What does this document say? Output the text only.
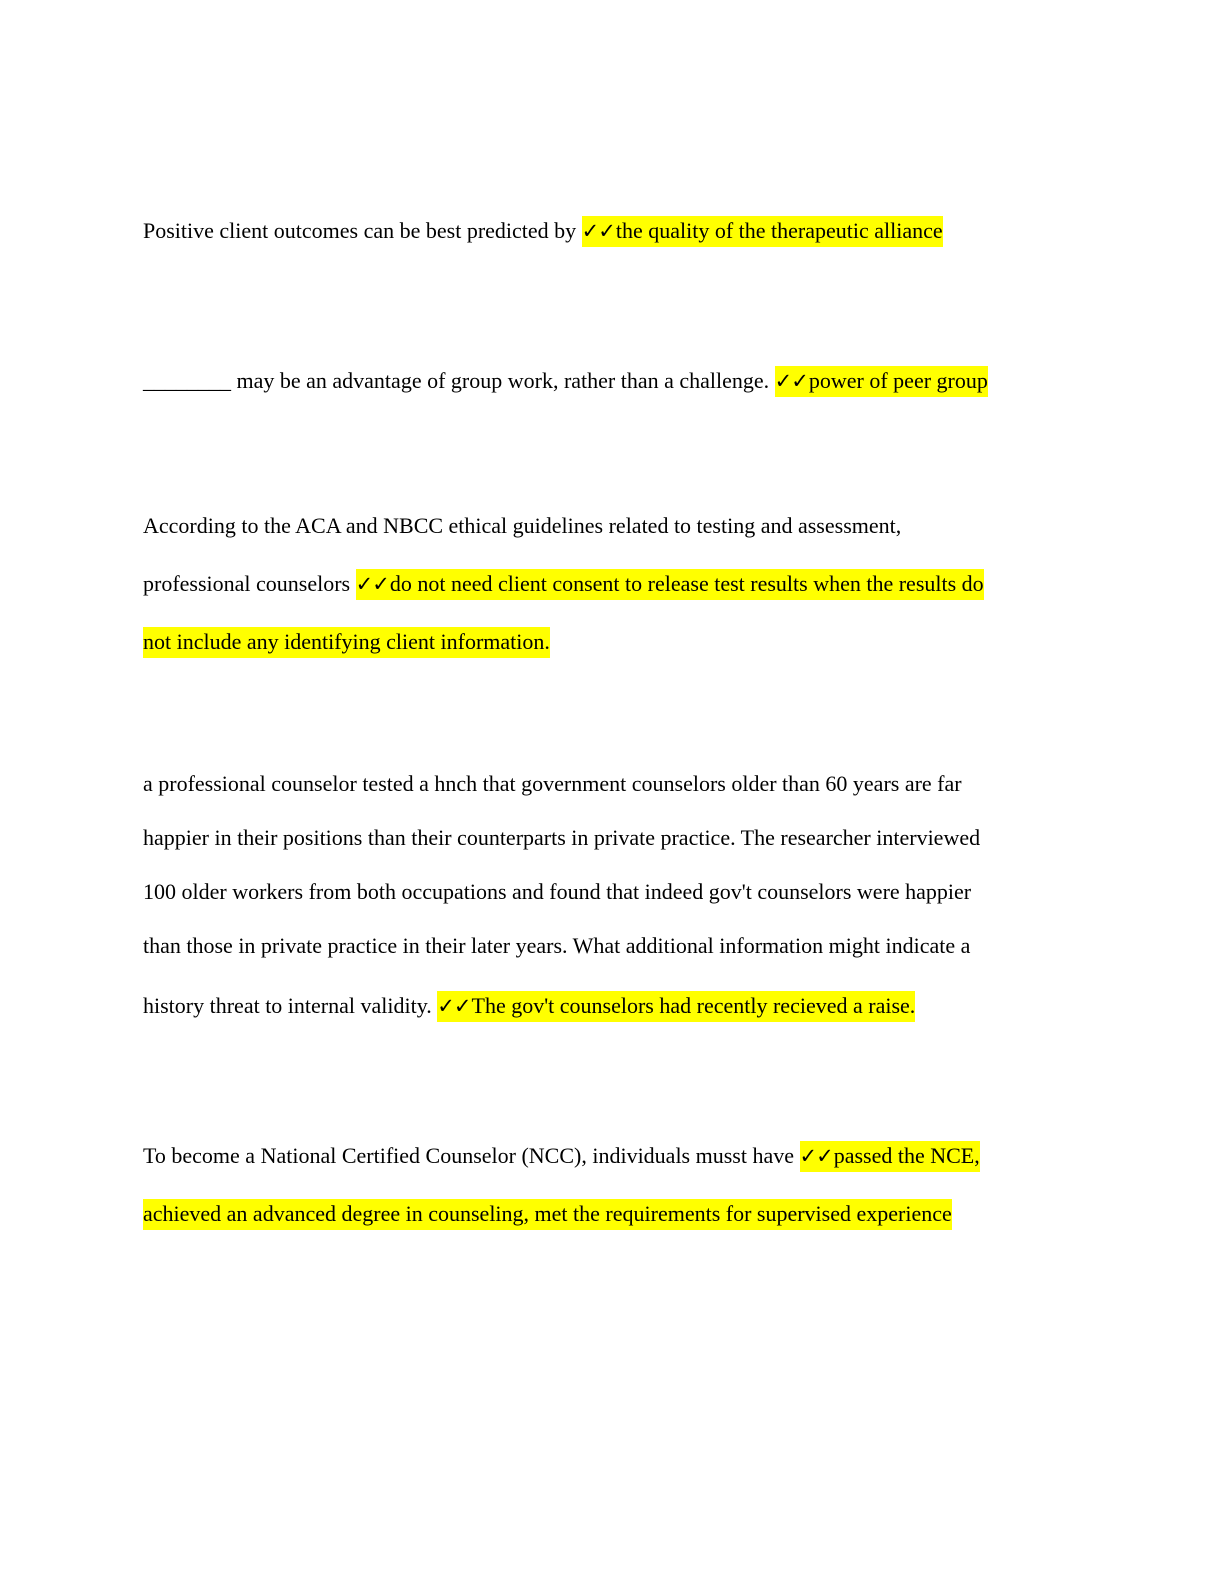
Positive client outcomes can be best predicted by ✓✓the quality of the therapeutic alliance
________ may be an advantage of group work, rather than a challenge. ✓✓power of peer group
According to the ACA and NBCC ethical guidelines related to testing and assessment,
professional counselors ✓✓do not need client consent to release test results when the results do
not include any identifying client information.
a professional counselor tested a hnch that government counselors older than 60 years are far
happier in their positions than their counterparts in private practice. The researcher interviewed
100 older workers from both occupations and found that indeed gov't counselors were happier
than those in private practice in their later years. What additional information might indicate a
history threat to internal validity. ✓✓The gov't counselors had recently recieved a raise.
To become a National Certified Counselor (NCC), individuals musst have ✓✓passed the NCE,
achieved an advanced degree in counseling, met the requirements for supervised experience
